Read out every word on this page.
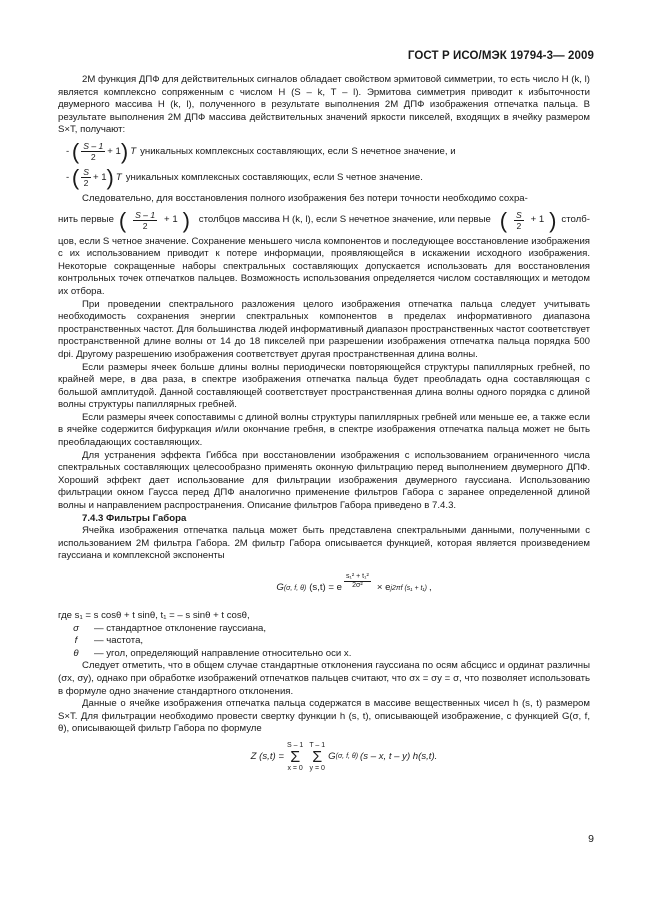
ГОСТ Р ИСО/МЭК 19794-3— 2009

2М функция ДПФ для действительных сигналов обладает свойством эрмитовой симметрии, то есть число H (k, l) является комплексно сопряженным с числом H (S – k, T – l). Эрмитова симметрия приводит к избыточности двумерного массива H (k, l), полученного в результате выполнения 2М ДПФ изображения отпечатка пальца. В результате выполнения 2М ДПФ массива действительных значений яркости пикселей, входящих в ячейку размером S×T, получают:

-
( $\frac{S - 1}{2} + 1$ ) T уникальных комплексных составляющих, если S нечетное значение, и
-
( $\frac{S}{2} + 1$ ) T уникальных комплексных составляющих, если S четное значение.

Следовательно, для восстановления полного изображения без потери точности необходимо сохра-

нить первые ( $\frac{S - 1}{2} + 1$ ) столбцов массива H (k, l), если S нечетное значение, или первые ( $\frac{S}{2} + 1$ ) столб-

цов, если S четное значение. Сохранение меньшего числа компонентов и последующее восстановление изображения с их использованием приводит к потере информации, проявляющейся в искажении исходного изображения. Некоторые сокращенные наборы спектральных составляющих допускается использовать для восстановления контрольных точек отпечатков пальцев. Возможность использования определяется числом составляющих и методом их отбора.

При проведении спектрального разложения целого изображения отпечатка пальца следует учитывать необходимость сохранения энергии спектральных компонентов в пределах информативного диапазона пространственных частот. Для большинства людей информативный диапазон пространственных частот соответствует пространственной длине волны от 14 до 18 пикселей при разрешении изображения отпечатка пальца порядка 500 dpi. Другому разрешению изображения соответствует другая пространственная длина волны.

Если размеры ячеек больше длины волны периодически повторяющейся структуры папиллярных гребней, по крайней мере, в два раза, в спектре изображения отпечатка пальца будет преобладать одна составляющая с большой амплитудой. Данной составляющей соответствует пространственная длина волны одного порядка с длиной волны структуры папиллярных гребней.

Если размеры ячеек сопоставимы с длиной волны структуры папиллярных гребней или меньше ее, а также если в ячейке содержится бифуркация и/или окончание гребня, в спектре изображения отпечатка пальца может не быть преобладающих составляющих.

Для устранения эффекта Гиббса при восстановлении изображения с использованием ограниченного числа спектральных составляющих целесообразно применять оконную фильтрацию перед выполнением двумерного ДПФ. Хороший эффект дает использование для фильтрации изображения двумерного гауссиана. Использованию фильтрации окном Гаусса перед ДПФ аналогично применение фильтров Габора с заранее определенной длиной волны и направлением распространения. Описание фильтров Габора приведено в 7.4.3.

7.4.3 Фильтры Габора

Ячейка изображения отпечатка пальца может быть представлена спектральными данными, полученными с использованием 2М фильтра Габора. 2М фильтр Габора описывается функцией, которая является произведением гауссиана и комплексной экспоненты

G (σ, f, θ) (s,t) = e $\frac{\text{s₁² + t₁²}}{\text{2σ²}} \times e$ j2πf (s₁ + t₁) ,

где s₁ = s cosθ + t sinθ, t₁ = – s sinθ + t cosθ,

σ	— стандартное отклонение гауссиана,
f	— частота,
θ	— угол, определяющий направление относительно оси x.

Следует отметить, что в общем случае стандартные отклонения гауссиана по осям абсцисс и ординат различны (σx, σy), однако при обработке изображений отпечатков пальцев считают, что σx = σy = σ, что позволяет использовать в формуле одно значение стандартного отклонения.

Данные о ячейке изображения отпечатка пальца содержатся в массиве вещественных чисел h (s, t) размером S×T. Для фильтрации необходимо провести свертку функции h (s, t), описывающей изображение, с функцией G(σ, f, θ), описывающей фильтр Габора по формуле

Z (s,t) =
S – 1
Σ
x = 0
T – 1
Σ
y = 0
G (σ, f, θ) (s – x, t – y) h(s,t).
9
